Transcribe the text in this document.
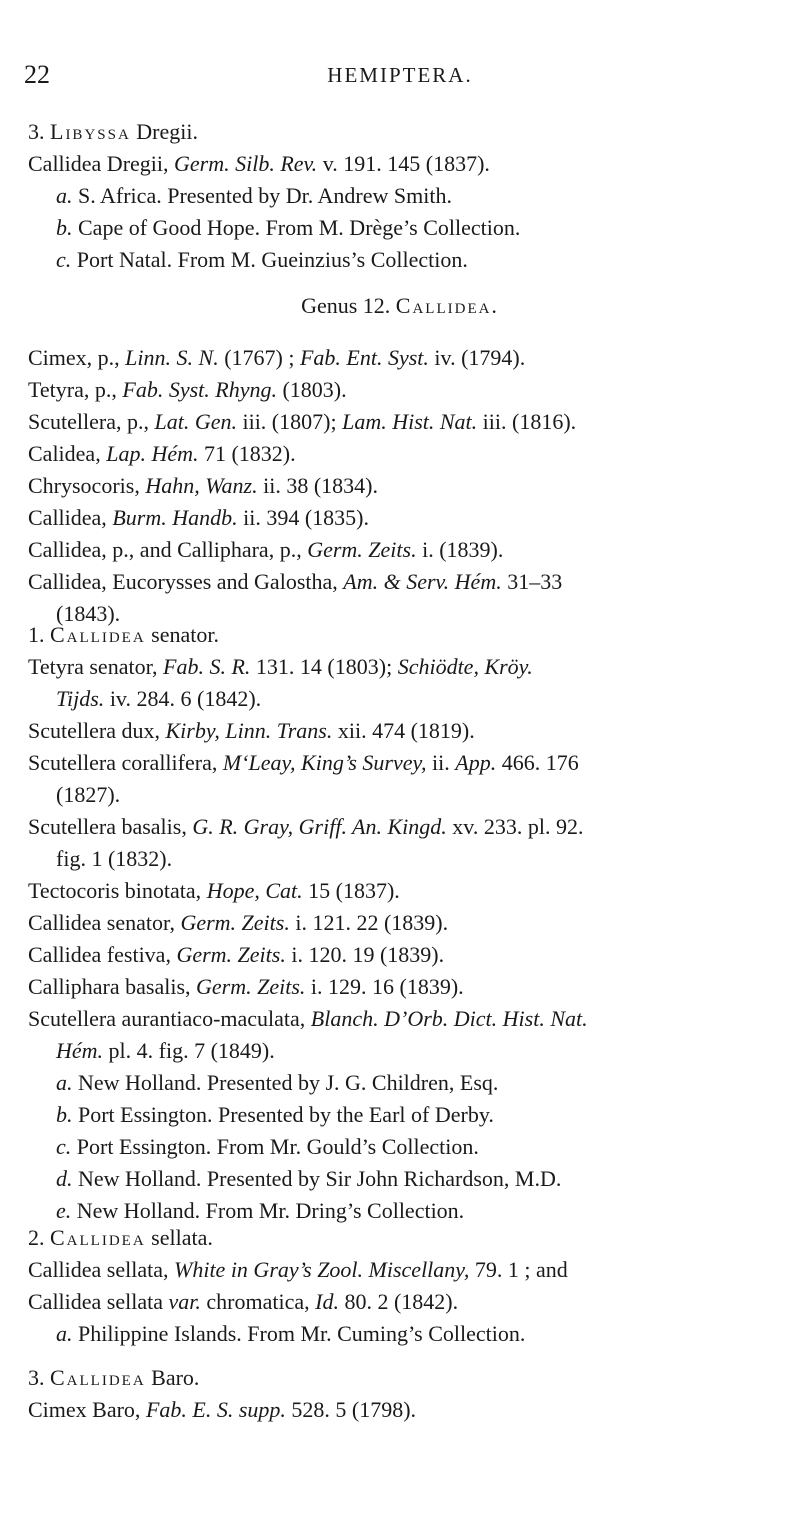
22	HEMIPTERA.
3. Libyssa Dregii.
Callidea Dregii, Germ. Silb. Rev. v. 191. 145 (1837).
a. S. Africa. Presented by Dr. Andrew Smith.
b. Cape of Good Hope. From M. Drège’s Collection.
c. Port Natal. From M. Gueinzius’s Collection.
Genus 12. Callidea.
Cimex, p., Linn. S. N. (1767) ; Fab. Ent. Syst. iv. (1794).
Tetyra, p., Fab. Syst. Rhyng. (1803).
Scutellera, p., Lat. Gen. iii. (1807); Lam. Hist. Nat. iii. (1816).
Calidea, Lap. Hém. 71 (1832).
Chrysocoris, Hahn, Wanz. ii. 38 (1834).
Callidea, Burm. Handb. ii. 394 (1835).
Callidea, p., and Calliphara, p., Germ. Zeits. i. (1839).
Callidea, Eucorysses and Galostha, Am. & Serv. Hém. 31–33
(1843).
1. Callidea senator.
Tetyra senator, Fab. S. R. 131. 14 (1803); Schiödte, Kröy.
Tijds. iv. 284. 6 (1842).
Scutellera dux, Kirby, Linn. Trans. xii. 474 (1819).
Scutellera corallifera, M‘Leay, King’s Survey, ii. App. 466. 176
(1827).
Scutellera basalis, G. R. Gray, Griff. An. Kingd. xv. 233. pl. 92.
fig. 1 (1832).
Tectocoris binotata, Hope, Cat. 15 (1837).
Callidea senator, Germ. Zeits. i. 121. 22 (1839).
Callidea festiva, Germ. Zeits. i. 120. 19 (1839).
Calliphara basalis, Germ. Zeits. i. 129. 16 (1839).
Scutellera aurantiaco-maculata, Blanch. D’Orb. Dict. Hist. Nat.
Hém. pl. 4. fig. 7 (1849).
a. New Holland. Presented by J. G. Children, Esq.
b. Port Essington. Presented by the Earl of Derby.
c. Port Essington. From Mr. Gould’s Collection.
d. New Holland. Presented by Sir John Richardson, M.D.
e. New Holland. From Mr. Dring’s Collection.
2. Callidea sellata.
Callidea sellata, White in Gray’s Zool. Miscellany, 79. 1 ; and
Callidea sellata var. chromatica, Id. 80. 2 (1842).
a. Philippine Islands. From Mr. Cuming’s Collection.
3. Callidea Baro.
Cimex Baro, Fab. E. S. supp. 528. 5 (1798).
